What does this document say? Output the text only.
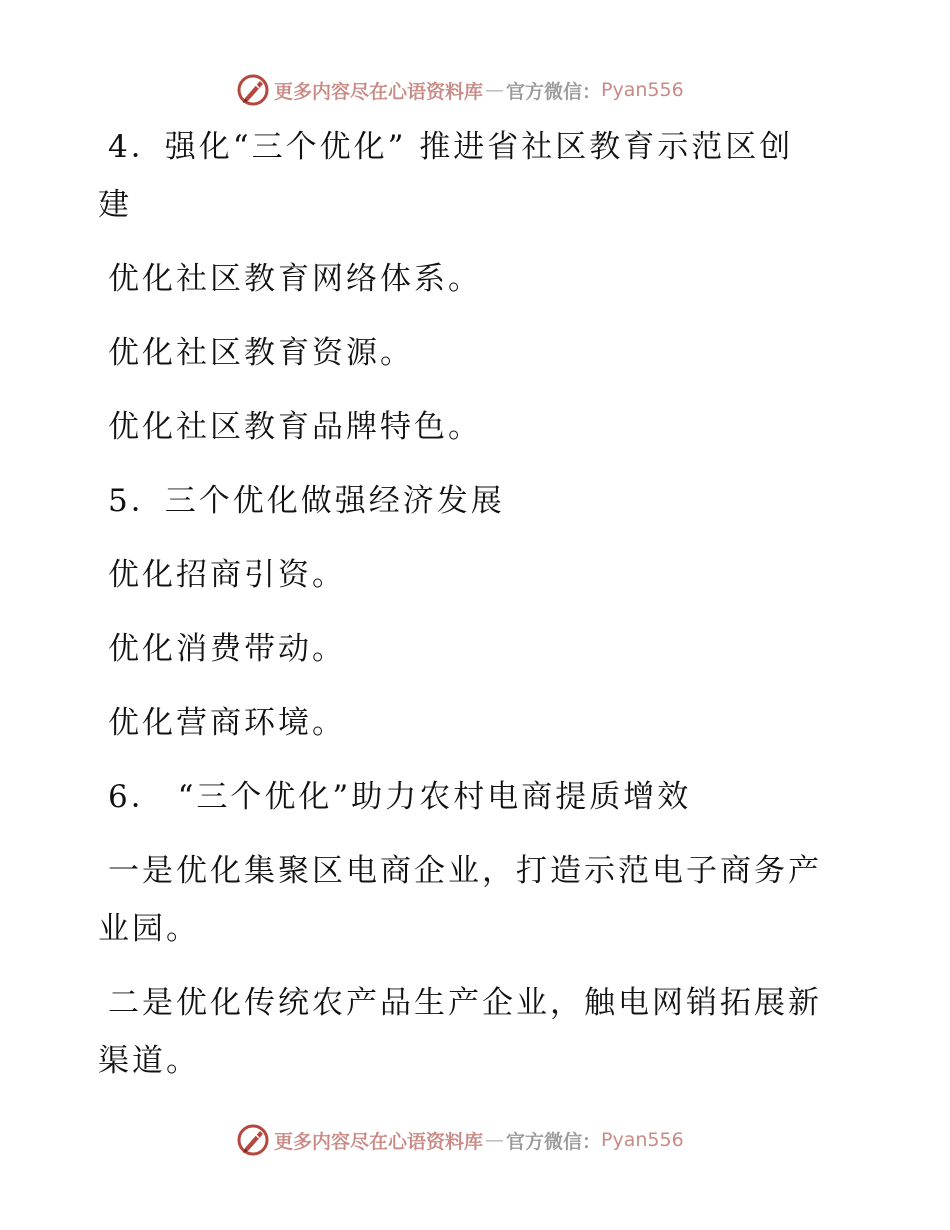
更多内容尽在心语资料库 — 官方微信： Pyan556

4．强化“三个优化” 推进省社区教育示范区创

建

优化社区教育网络体系。

优化社区教育资源。

优化社区教育品牌特色。

5．三个优化做强经济发展

优化招商引资。

优化消费带动。

优化营商环境。

6． “三个优化”助力农村电商提质增效

一是优化集聚区电商企业，打造示范电子商务产

业园。

二是优化传统农产品生产企业，触电网销拓展新

渠道。

更多内容尽在心语资料库 — 官方微信： Pyan556
